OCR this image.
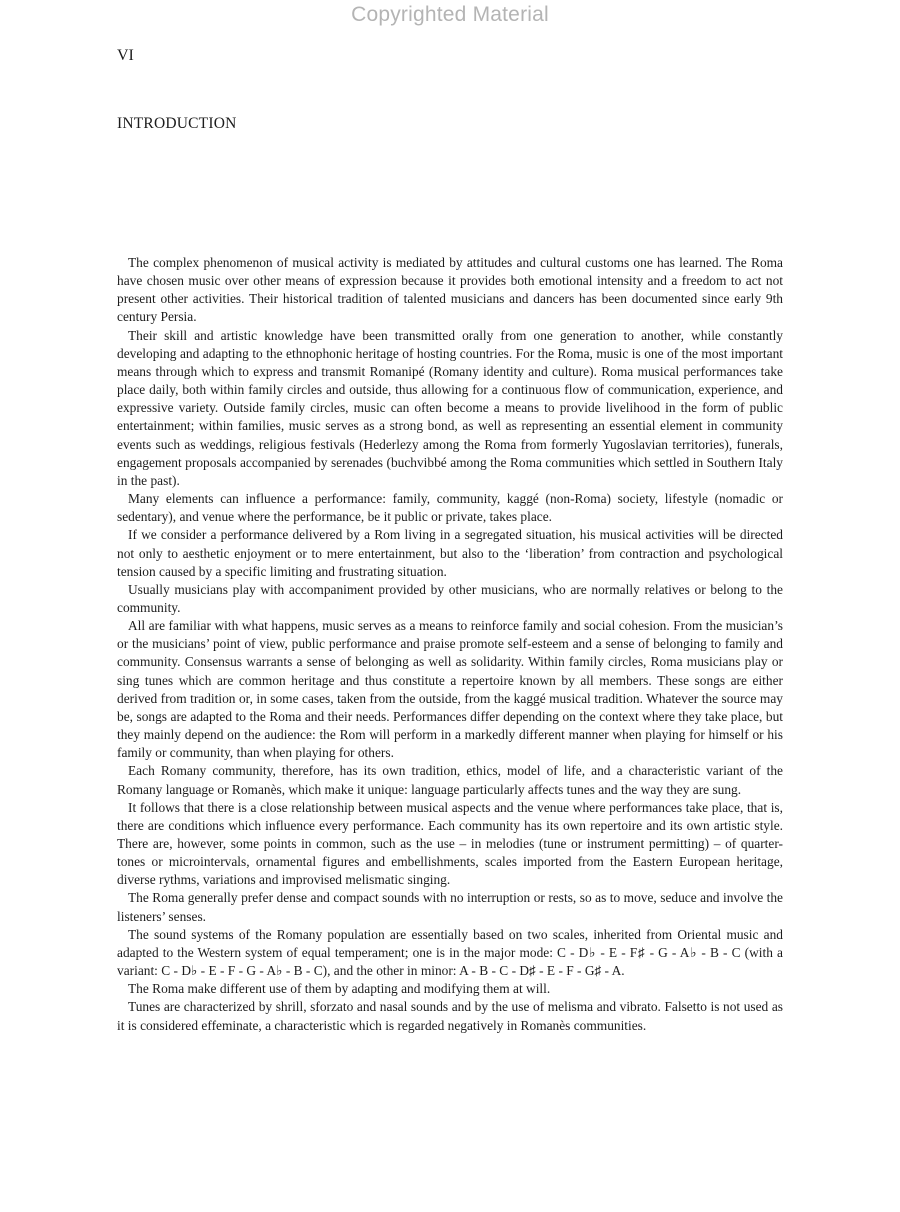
Copyrighted Material
VI
INTRODUCTION

The complex phenomenon of musical activity is mediated by attitudes and cultural customs one has learned. The Roma have chosen music over other means of expression because it provides both emotional intensity and a freedom to act not present other activities. Their historical tradition of talented musicians and dancers has been documented since early 9th century Persia.

Their skill and artistic knowledge have been transmitted orally from one generation to another, while constantly developing and adapting to the ethnophonic heritage of hosting countries. For the Roma, music is one of the most important means through which to express and transmit Romanipé (Romany identity and culture). Roma musical performances take place daily, both within family circles and outside, thus allowing for a continuous flow of communication, experience, and expressive variety. Outside family circles, music can often become a means to provide livelihood in the form of public entertainment; within families, music serves as a strong bond, as well as representing an essential element in community events such as weddings, religious festivals (Hederlezy among the Roma from formerly Yugoslavian territories), funerals, engagement proposals accompanied by serenades (buchvibbé among the Roma communities which settled in Southern Italy in the past).

Many elements can influence a performance: family, community, kaggé (non-Roma) society, lifestyle (nomadic or sedentary), and venue where the performance, be it public or private, takes place.

If we consider a performance delivered by a Rom living in a segregated situation, his musical activities will be directed not only to aesthetic enjoyment or to mere entertainment, but also to the ‘liberation’ from contraction and psychological tension caused by a specific limiting and frustrating situation.

Usually musicians play with accompaniment provided by other musicians, who are normally relatives or belong to the community.

All are familiar with what happens, music serves as a means to reinforce family and social cohesion. From the musician’s or the musicians’ point of view, public performance and praise promote self-esteem and a sense of belonging to family and community. Consensus warrants a sense of belonging as well as solidarity. Within family circles, Roma musicians play or sing tunes which are common heritage and thus constitute a repertoire known by all members. These songs are either derived from tradition or, in some cases, taken from the outside, from the kaggé musical tradition. Whatever the source may be, songs are adapted to the Roma and their needs. Performances differ depending on the context where they take place, but they mainly depend on the audience: the Rom will perform in a markedly different manner when playing for himself or his family or community, than when playing for others.

Each Romany community, therefore, has its own tradition, ethics, model of life, and a characteristic variant of the Romany language or Romanès, which make it unique: language particularly affects tunes and the way they are sung.

It follows that there is a close relationship between musical aspects and the venue where performances take place, that is, there are conditions which influence every performance. Each community has its own repertoire and its own artistic style. There are, however, some points in common, such as the use – in melodies (tune or instrument permitting) – of quarter-tones or microintervals, ornamental figures and embellishments, scales imported from the Eastern European heritage, diverse rythms, variations and improvised melismatic singing.

The Roma generally prefer dense and compact sounds with no interruption or rests, so as to move, seduce and involve the listeners’ senses.

The sound systems of the Romany population are essentially based on two scales, inherited from Oriental music and adapted to the Western system of equal temperament; one is in the major mode: C - D♭ - E - F♯ - G - A♭ - B - C (with a variant: C - D♭ - E - F - G - A♭ - B - C), and the other in minor: A - B - C - D♯ - E - F - G♯ - A.

The Roma make different use of them by adapting and modifying them at will.

Tunes are characterized by shrill, sforzato and nasal sounds and by the use of melisma and vibrato. Falsetto is not used as it is considered effeminate, a characteristic which is regarded negatively in Romanès communities.
